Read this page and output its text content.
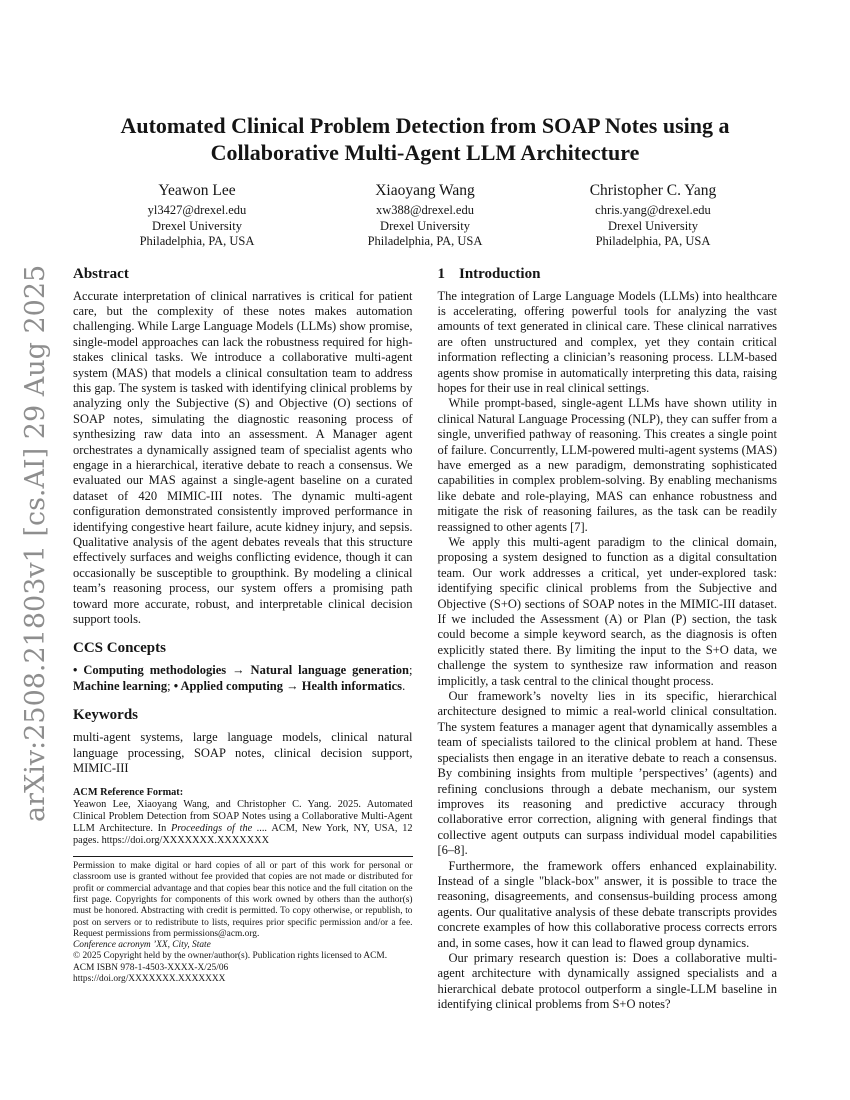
arXiv:2508.21803v1 [cs.AI] 29 Aug 2025
Automated Clinical Problem Detection from SOAP Notes using a
Collaborative Multi-Agent LLM Architecture
Yeawon Lee
yl3427@drexel.edu
Drexel University
Philadelphia, PA, USA
Xiaoyang Wang
xw388@drexel.edu
Drexel University
Philadelphia, PA, USA
Christopher C. Yang
chris.yang@drexel.edu
Drexel University
Philadelphia, PA, USA
Abstract

Accurate interpretation of clinical narratives is critical for patient care, but the complexity of these notes makes automation challenging. While Large Language Models (LLMs) show promise, single-model approaches can lack the robustness required for high-stakes clinical tasks. We introduce a collaborative multi-agent system (MAS) that models a clinical consultation team to address this gap. The system is tasked with identifying clinical problems by analyzing only the Subjective (S) and Objective (O) sections of SOAP notes, simulating the diagnostic reasoning process of synthesizing raw data into an assessment. A Manager agent orchestrates a dynamically assigned team of specialist agents who engage in a hierarchical, iterative debate to reach a consensus. We evaluated our MAS against a single-agent baseline on a curated dataset of 420 MIMIC-III notes. The dynamic multi-agent configuration demonstrated consistently improved performance in identifying congestive heart failure, acute kidney injury, and sepsis. Qualitative analysis of the agent debates reveals that this structure effectively surfaces and weighs conflicting evidence, though it can occasionally be susceptible to groupthink. By modeling a clinical team’s reasoning process, our system offers a promising path toward more accurate, robust, and interpretable clinical decision support tools.

CCS Concepts

• Computing methodologies → Natural language generation; Machine learning; • Applied computing → Health informatics.

Keywords

multi-agent systems, large language models, clinical natural language processing, SOAP notes, clinical decision support, MIMIC-III

ACM Reference Format:

Yeawon Lee, Xiaoyang Wang, and Christopher C. Yang. 2025. Automated Clinical Problem Detection from SOAP Notes using a Collaborative Multi-Agent LLM Architecture. In Proceedings of the .... ACM, New York, NY, USA, 12 pages. https://doi.org/XXXXXXX.XXXXXXX

Permission to make digital or hard copies of all or part of this work for personal or classroom use is granted without fee provided that copies are not made or distributed for profit or commercial advantage and that copies bear this notice and the full citation on the first page. Copyrights for components of this work owned by others than the author(s) must be honored. Abstracting with credit is permitted. To copy otherwise, or republish, to post on servers or to redistribute to lists, requires prior specific permission and/or a fee. Request permissions from permissions@acm.org.

Conference acronym ’XX, City, State

© 2025 Copyright held by the owner/author(s). Publication rights licensed to ACM.

ACM ISBN 978-1-4503-XXXX-X/25/06

https://doi.org/XXXXXXX.XXXXXXX

1 Introduction

The integration of Large Language Models (LLMs) into healthcare is accelerating, offering powerful tools for analyzing the vast amounts of text generated in clinical care. These clinical narratives are often unstructured and complex, yet they contain critical information reflecting a clinician’s reasoning process. LLM-based agents show promise in automatically interpreting this data, raising hopes for their use in real clinical settings.

While prompt-based, single-agent LLMs have shown utility in clinical Natural Language Processing (NLP), they can suffer from a single, unverified pathway of reasoning. This creates a single point of failure. Concurrently, LLM-powered multi-agent systems (MAS) have emerged as a new paradigm, demonstrating sophisticated capabilities in complex problem-solving. By enabling mechanisms like debate and role-playing, MAS can enhance robustness and mitigate the risk of reasoning failures, as the task can be readily reassigned to other agents [7].

We apply this multi-agent paradigm to the clinical domain, proposing a system designed to function as a digital consultation team. Our work addresses a critical, yet under-explored task: identifying specific clinical problems from the Subjective and Objective (S+O) sections of SOAP notes in the MIMIC-III dataset. If we included the Assessment (A) or Plan (P) section, the task could become a simple keyword search, as the diagnosis is often explicitly stated there. By limiting the input to the S+O data, we challenge the system to synthesize raw information and reason implicitly, a task central to the clinical thought process.

Our framework’s novelty lies in its specific, hierarchical architecture designed to mimic a real-world clinical consultation. The system features a manager agent that dynamically assembles a team of specialists tailored to the clinical problem at hand. These specialists then engage in an iterative debate to reach a consensus. By combining insights from multiple ’perspectives’ (agents) and refining conclusions through a debate mechanism, our system improves its reasoning and predictive accuracy through collaborative error correction, aligning with general findings that collective agent outputs can surpass individual model capabilities [6–8].

Furthermore, the framework offers enhanced explainability. Instead of a single "black-box" answer, it is possible to trace the reasoning, disagreements, and consensus-building process among agents. Our qualitative analysis of these debate transcripts provides concrete examples of how this collaborative process corrects errors and, in some cases, how it can lead to flawed group dynamics.

Our primary research question is: Does a collaborative multi-agent architecture with dynamically assigned specialists and a hierarchical debate protocol outperform a single-LLM baseline in identifying clinical problems from S+O notes?
